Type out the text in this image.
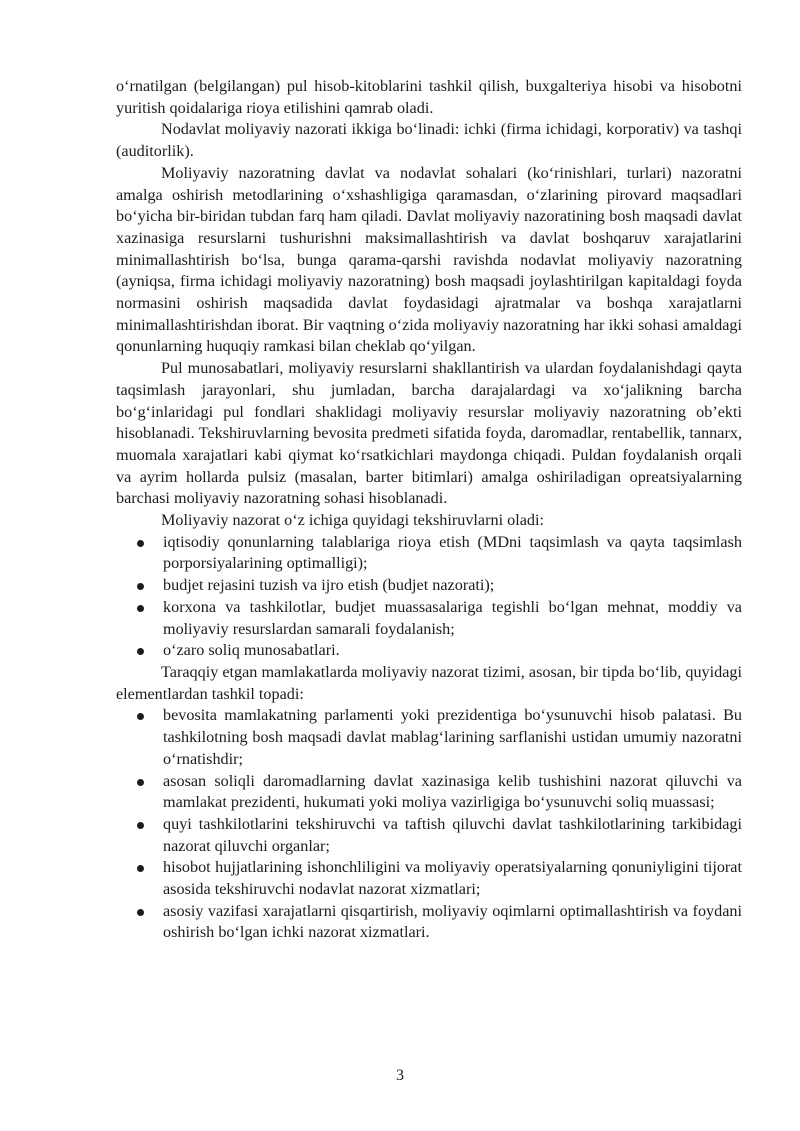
o‘rnatilgan (belgilangan) pul hisob-kitoblarini tashkil qilish, buxgalteriya hisobi va hisobotni yuritish qoidalariga rioya etilishini qamrab oladi.

Nodavlat moliyaviy nazorati ikkiga bo‘linadi: ichki (firma ichidagi, korporativ) va tashqi (auditorlik).

Moliyaviy nazoratning davlat va nodavlat sohalari (ko‘rinishlari, turlari) nazoratni amalga oshirish metodlarining o‘xshashligiga qaramasdan, o‘zlarining pirovard maqsadlari bo‘yicha bir-biridan tubdan farq ham qiladi. Davlat moliyaviy nazoratining bosh maqsadi davlat xazinasiga resurslarni tushurishni maksimallashtirish va davlat boshqaruv xarajatlarini minimallashtirish bo‘lsa, bunga qarama-qarshi ravishda nodavlat moliyaviy nazoratning (ayniqsa, firma ichidagi moliyaviy nazoratning) bosh maqsadi joylashtirilgan kapitaldagi foyda normasini oshirish maqsadida davlat foydasidagi ajratmalar va boshqa xarajatlarni minimallashtirishdan iborat. Bir vaqtning o‘zida moliyaviy nazoratning har ikki sohasi amaldagi qonunlarning huquqiy ramkasi bilan cheklab qo‘yilgan.

Pul munosabatlari, moliyaviy resurslarni shakllantirish va ulardan foydalanishdagi qayta taqsimlash jarayonlari, shu jumladan, barcha darajalardagi va xo‘jalikning barcha bo‘g‘inlaridagi pul fondlari shaklidagi moliyaviy resurslar moliyaviy nazoratning ob’ekti hisoblanadi. Tekshiruvlarning bevosita predmeti sifatida foyda, daromadlar, rentabellik, tannarx, muomala xarajatlari kabi qiymat ko‘rsatkichlari maydonga chiqadi. Puldan foydalanish orqali va ayrim hollarda pulsiz (masalan, barter bitimlari) amalga oshiriladigan opreatsiyalarning barchasi moliyaviy nazoratning sohasi hisoblanadi.

Moliyaviy nazorat o‘z ichiga quyidagi tekshiruvlarni oladi:

iqtisodiy qonunlarning talablariga rioya etish (MDni taqsimlash va qayta taqsimlash porporsiyalarining optimalligi);
budjet rejasini tuzish va ijro etish (budjet nazorati);
korxona va tashkilotlar, budjet muassasalariga tegishli bo‘lgan mehnat, moddiy va moliyaviy resurslardan samarali foydalanish;
o‘zaro soliq munosabatlari.

Taraqqiy etgan mamlakatlarda moliyaviy nazorat tizimi, asosan, bir tipda bo‘lib, quyidagi elementlardan tashkil topadi:

bevosita mamlakatning parlamenti yoki prezidentiga bo‘ysunuvchi hisob palatasi. Bu tashkilotning bosh maqsadi davlat mablag‘larining sarflanishi ustidan umumiy nazoratni o‘rnatishdir;
asosan soliqli daromadlarning davlat xazinasiga kelib tushishini nazorat qiluvchi va mamlakat prezidenti, hukumati yoki moliya vazirligiga bo‘ysunuvchi soliq muassasi;
quyi tashkilotlarini tekshiruvchi va taftish qiluvchi davlat tashkilotlarining tarkibidagi nazorat qiluvchi organlar;
hisobot hujjatlarining ishonchliligini va moliyaviy operatsiyalarning qonuniyligini tijorat asosida tekshiruvchi nodavlat nazorat xizmatlari;
asosiy vazifasi xarajatlarni qisqartirish, moliyaviy oqimlarni optimallashtirish va foydani oshirish bo‘lgan ichki nazorat xizmatlari.
3
